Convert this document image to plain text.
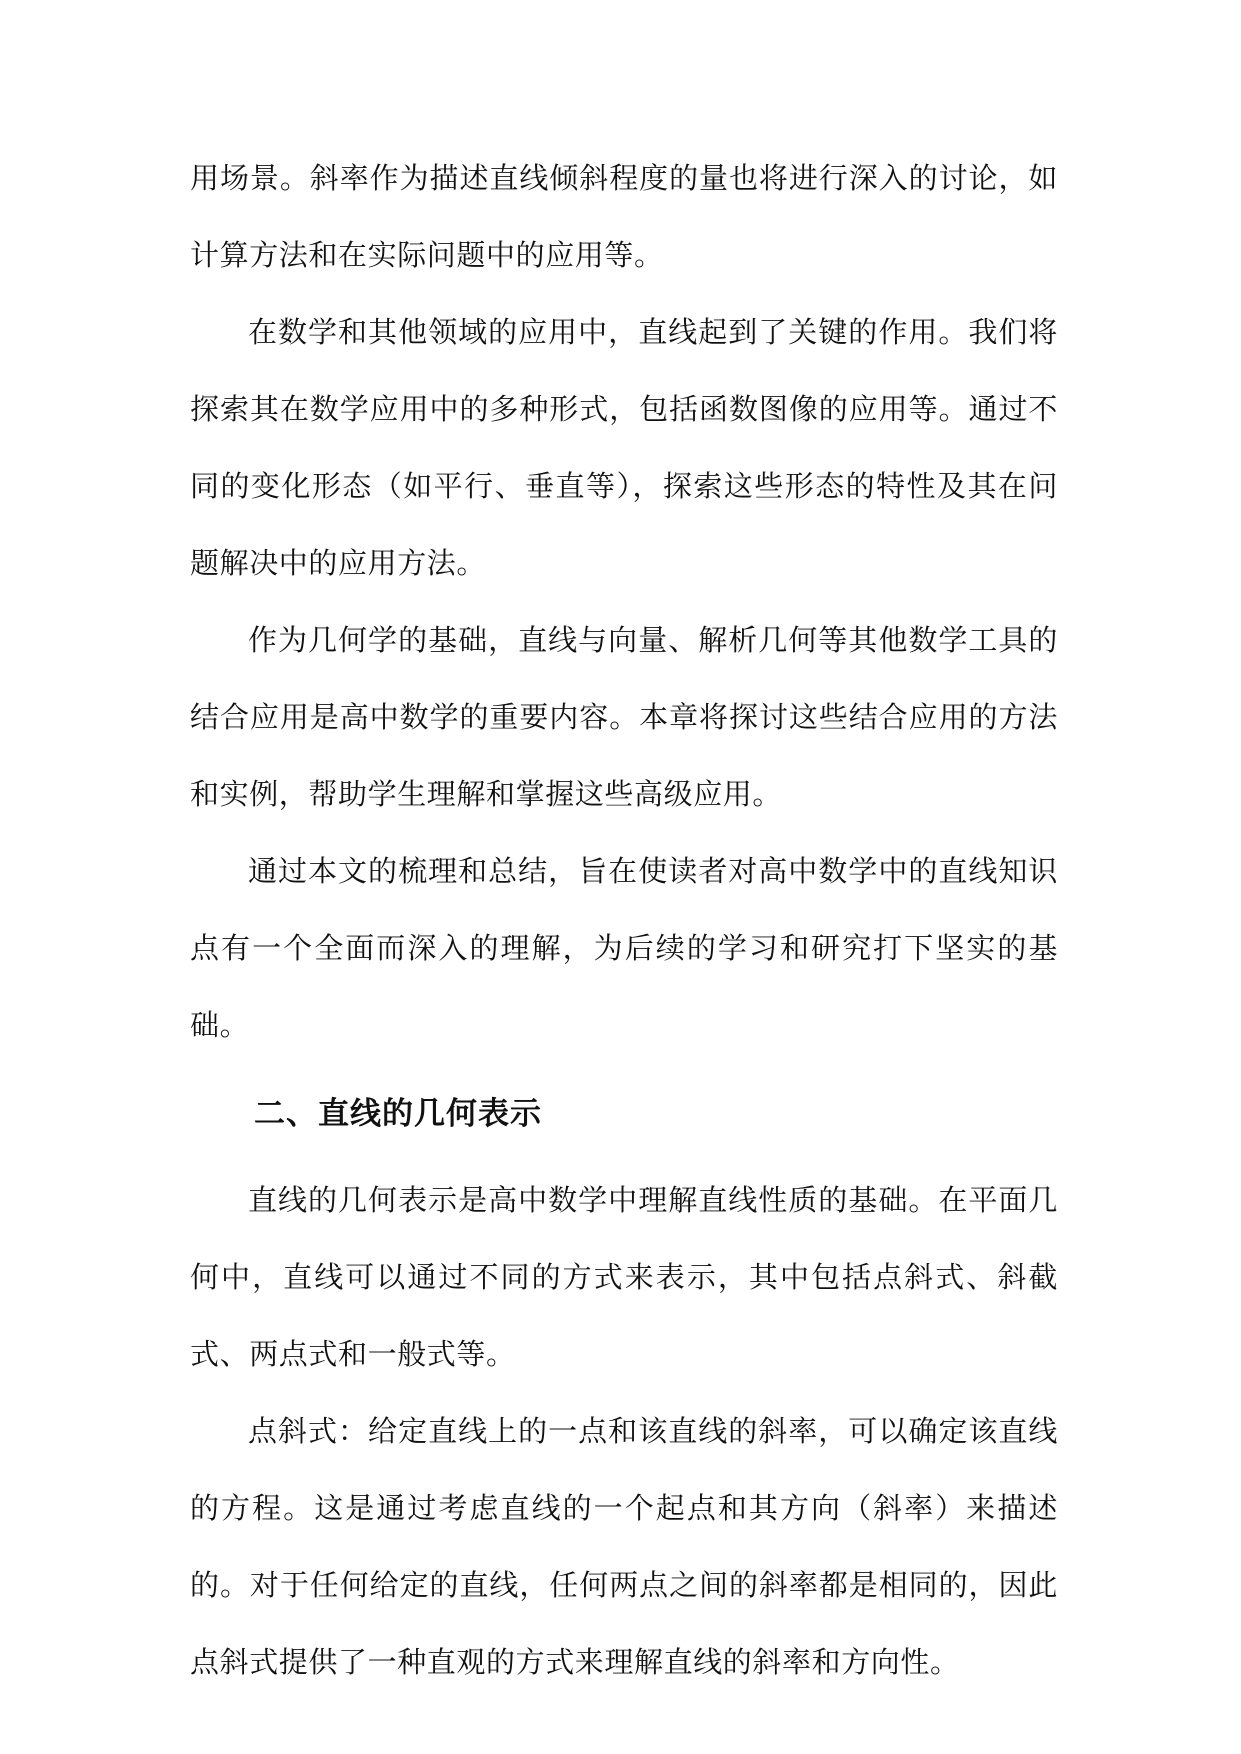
用场景。斜率作为描述直线倾斜程度的量也将进行深入的讨论，如计算方法和在实际问题中的应用等。

在数学和其他领域的应用中，直线起到了关键的作用。我们将探索其在数学应用中的多种形式，包括函数图像的应用等。通过不同的变化形态（如平行、垂直等），探索这些形态的特性及其在问题解决中的应用方法。

作为几何学的基础，直线与向量、解析几何等其他数学工具的结合应用是高中数学的重要内容。本章将探讨这些结合应用的方法和实例，帮助学生理解和掌握这些高级应用。

通过本文的梳理和总结，旨在使读者对高中数学中的直线知识点有一个全面而深入的理解，为后续的学习和研究打下坚实的基础。

二、直线的几何表示

直线的几何表示是高中数学中理解直线性质的基础。在平面几何中，直线可以通过不同的方式来表示，其中包括点斜式、斜截式、两点式和一般式等。

点斜式：给定直线上的一点和该直线的斜率，可以确定该直线的方程。这是通过考虑直线的一个起点和其方向（斜率）来描述的。对于任何给定的直线，任何两点之间的斜率都是相同的，因此点斜式提供了一种直观的方式来理解直线的斜率和方向性。
